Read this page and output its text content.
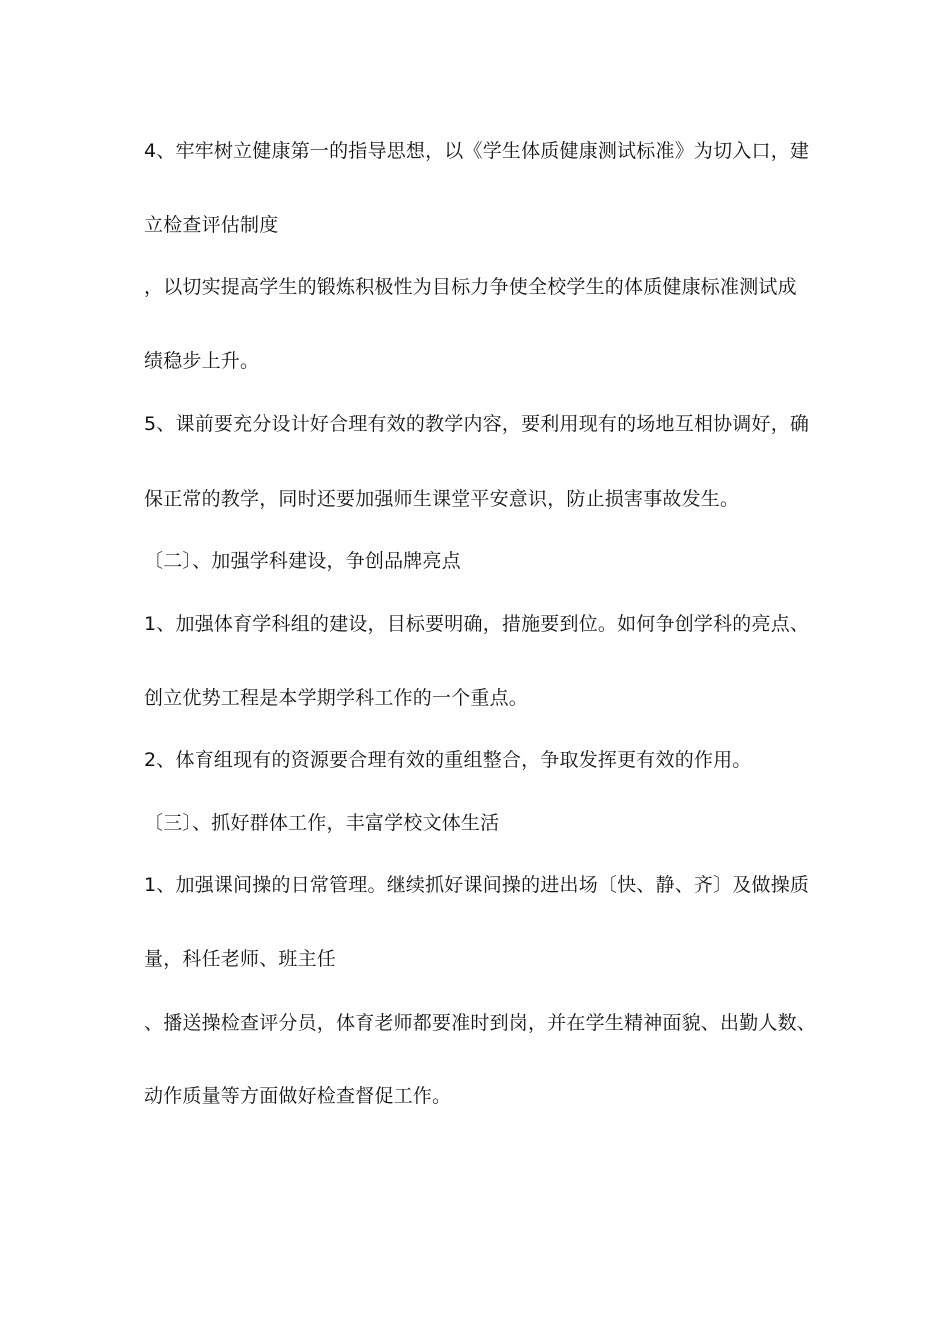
4、牢牢树立健康第一的指导思想，以《学生体质健康测试标准》为切入口，建
立检查评估制度
，以切实提高学生的锻炼积极性为目标力争使全校学生的体质健康标准测试成
绩稳步上升。
5、课前要充分设计好合理有效的教学内容，要利用现有的场地互相协调好，确
保正常的教学，同时还要加强师生课堂平安意识，防止损害事故发生。
〔二〕、加强学科建设，争创品牌亮点
1、加强体育学科组的建设，目标要明确，措施要到位。如何争创学科的亮点、
创立优势工程是本学期学科工作的一个重点。
2、体育组现有的资源要合理有效的重组整合，争取发挥更有效的作用。
〔三〕、抓好群体工作，丰富学校文体生活
1、加强课间操的日常管理。继续抓好课间操的进出场〔快、静、齐〕及做操质
量，科任老师、班主任
、播送操检查评分员，体育老师都要准时到岗，并在学生精神面貌、出勤人数、
动作质量等方面做好检查督促工作。
